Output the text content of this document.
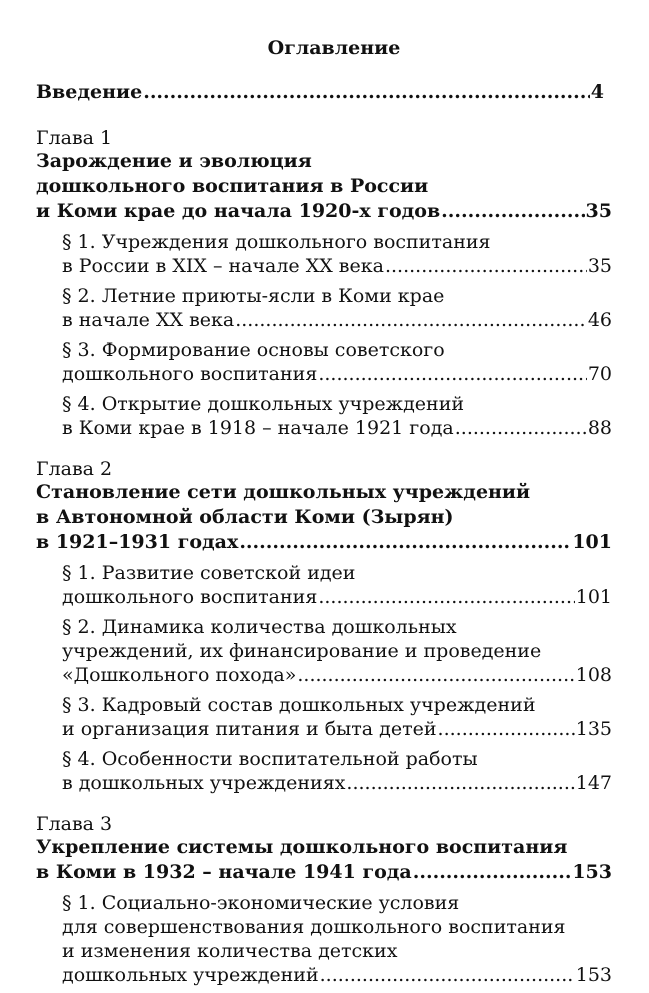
Оглавление
Введение .....	4
Глава 1
Зарождение и эволюция
дошкольного воспитания в России
и Коми крае до начала 1920-х годов .....	35
§ 1. Учреждения дошкольного воспитания
в России в XIX – начале XX века .....	35
§ 2. Летние приюты-ясли в Коми крае
в начале XX века .....	46
§ 3. Формирование основы советского
дошкольного воспитания .....	70
§ 4. Открытие дошкольных учреждений
в Коми крае в 1918 – начале 1921 года .....	88
Глава 2
Становление сети дошкольных учреждений
в Автономной области Коми (Зырян)
в 1921–1931 годах .....	101
§ 1. Развитие советской идеи
дошкольного воспитания .....	101
§ 2. Динамика количества дошкольных
учреждений, их финансирование и проведение
«Дошкольного похода» .....	108
§ 3. Кадровый состав дошкольных учреждений
и организация питания и быта детей .....	135
§ 4. Особенности воспитательной работы
в дошкольных учреждениях .....	147
Глава 3
Укрепление системы дошкольного воспитания
в Коми в 1932 – начале 1941 года .....	153
§ 1. Социально-экономические условия
для совершенствования дошкольного воспитания
и изменения количества детских
дошкольных учреждений .....	153
